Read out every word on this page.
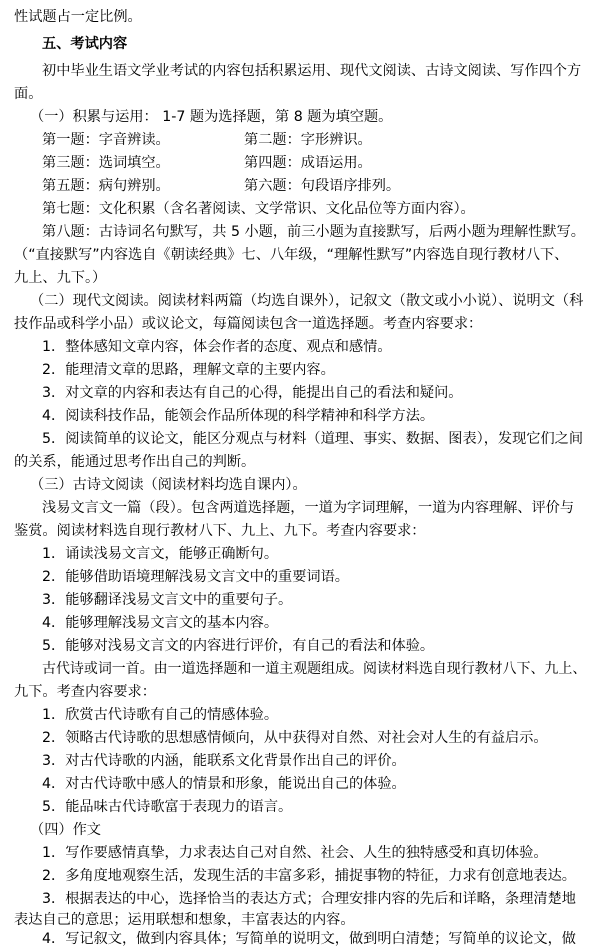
性试题占一定比例。
五、考试内容
初中毕业生语文学业考试的内容包括积累运用、现代文阅读、古诗文阅读、写作四个方
面。
（一）积累与运用： 1-7 题为选择题，第 8 题为填空题。
第一题：字音辨读。	第二题：字形辨识。
第三题：选词填空。	第四题：成语运用。
第五题：病句辨别。	第六题：句段语序排列。
第七题：文化积累（含名著阅读、文学常识、文化品位等方面内容）。
第八题：古诗词名句默写，共 5 小题，前三小题为直接默写，后两小题为理解性默写。
（“直接默写”内容选自《朝读经典》七、八年级，“理解性默写”内容选自现行教材八下、
九上、九下。）
（二）现代文阅读。阅读材料两篇（均选自课外），记叙文（散文或小小说）、说明文（科
技作品或科学小品）或议论文，每篇阅读包含一道选择题。考查内容要求：
1．整体感知文章内容，体会作者的态度、观点和感情。
2．能理清文章的思路，理解文章的主要内容。
3．对文章的内容和表达有自己的心得，能提出自己的看法和疑问。
4．阅读科技作品，能领会作品所体现的科学精神和科学方法。
5．阅读简单的议论文，能区分观点与材料（道理、事实、数据、图表），发现它们之间
的关系，能通过思考作出自己的判断。
（三）古诗文阅读（阅读材料均选自课内）。
浅易文言文一篇（段）。包含两道选择题，一道为字词理解，一道为内容理解、评价与
鉴赏。阅读材料选自现行教材八下、九上、九下。考查内容要求：
1．诵读浅易文言文，能够正确断句。
2．能够借助语境理解浅易文言文中的重要词语。
3．能够翻译浅易文言文中的重要句子。
4．能够理解浅易文言文的基本内容。
5．能够对浅易文言文的内容进行评价，有自己的看法和体验。
古代诗或词一首。由一道选择题和一道主观题组成。阅读材料选自现行教材八下、九上、
九下。考查内容要求：
1．欣赏古代诗歌有自己的情感体验。
2．领略古代诗歌的思想感情倾向，从中获得对自然、对社会对人生的有益启示。
3．对古代诗歌的内涵，能联系文化背景作出自己的评价。
4．对古代诗歌中感人的情景和形象，能说出自己的体验。
5．能品味古代诗歌富于表现力的语言。
（四）作文
1．写作要感情真挚，力求表达自己对自然、社会、人生的独特感受和真切体验。
2．多角度地观察生活，发现生活的丰富多彩，捕捉事物的特征，力求有创意地表达。
3．根据表达的中心，选择恰当的表达方式；合理安排内容的先后和详略，条理清楚地
表达自己的意思；运用联想和想象，丰富表达的内容。
4．写记叙文，做到内容具体；写简单的说明文，做到明白清楚；写简单的议论文，做
